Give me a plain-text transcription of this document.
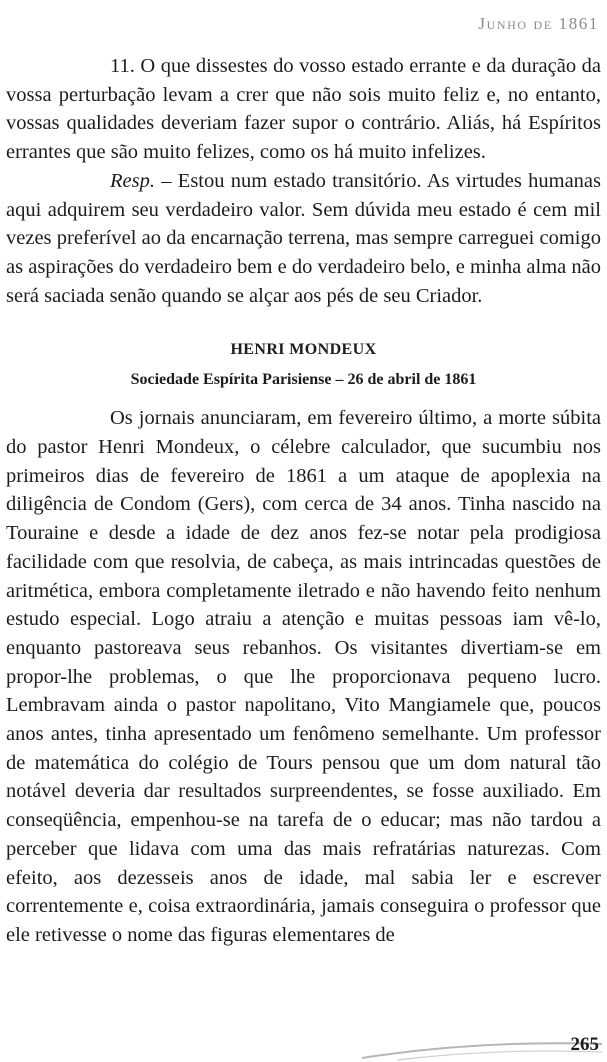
Junho de 1861

11. O que dissestes do vosso estado errante e da duração da vossa perturbação levam a crer que não sois muito feliz e, no entanto, vossas qualidades deveriam fazer supor o contrário. Aliás, há Espíritos errantes que são muito felizes, como os há muito infelizes.

Resp. – Estou num estado transitório. As virtudes humanas aqui adquirem seu verdadeiro valor. Sem dúvida meu estado é cem mil vezes preferível ao da encarnação terrena, mas sempre carreguei comigo as aspirações do verdadeiro bem e do verdadeiro belo, e minha alma não será saciada senão quando se alçar aos pés de seu Criador.

HENRI MONDEUX
Sociedade Espírita Parisiense – 26 de abril de 1861

Os jornais anunciaram, em fevereiro último, a morte súbita do pastor Henri Mondeux, o célebre calculador, que sucumbiu nos primeiros dias de fevereiro de 1861 a um ataque de apoplexia na diligência de Condom (Gers), com cerca de 34 anos. Tinha nascido na Touraine e desde a idade de dez anos fez-se notar pela prodigiosa facilidade com que resolvia, de cabeça, as mais intrincadas questões de aritmética, embora completamente iletrado e não havendo feito nenhum estudo especial. Logo atraiu a atenção e muitas pessoas iam vê-lo, enquanto pastoreava seus rebanhos. Os visitantes divertiam-se em propor-lhe problemas, o que lhe proporcionava pequeno lucro. Lembravam ainda o pastor napolitano, Vito Mangiamele que, poucos anos antes, tinha apresentado um fenômeno semelhante. Um professor de matemática do colégio de Tours pensou que um dom natural tão notável deveria dar resultados surpreendentes, se fosse auxiliado. Em conseqüência, empenhou-se na tarefa de o educar; mas não tardou a perceber que lidava com uma das mais refratárias naturezas. Com efeito, aos dezesseis anos de idade, mal sabia ler e escrever correntemente e, coisa extraordinária, jamais conseguira o professor que ele retivesse o nome das figuras elementares de

265
